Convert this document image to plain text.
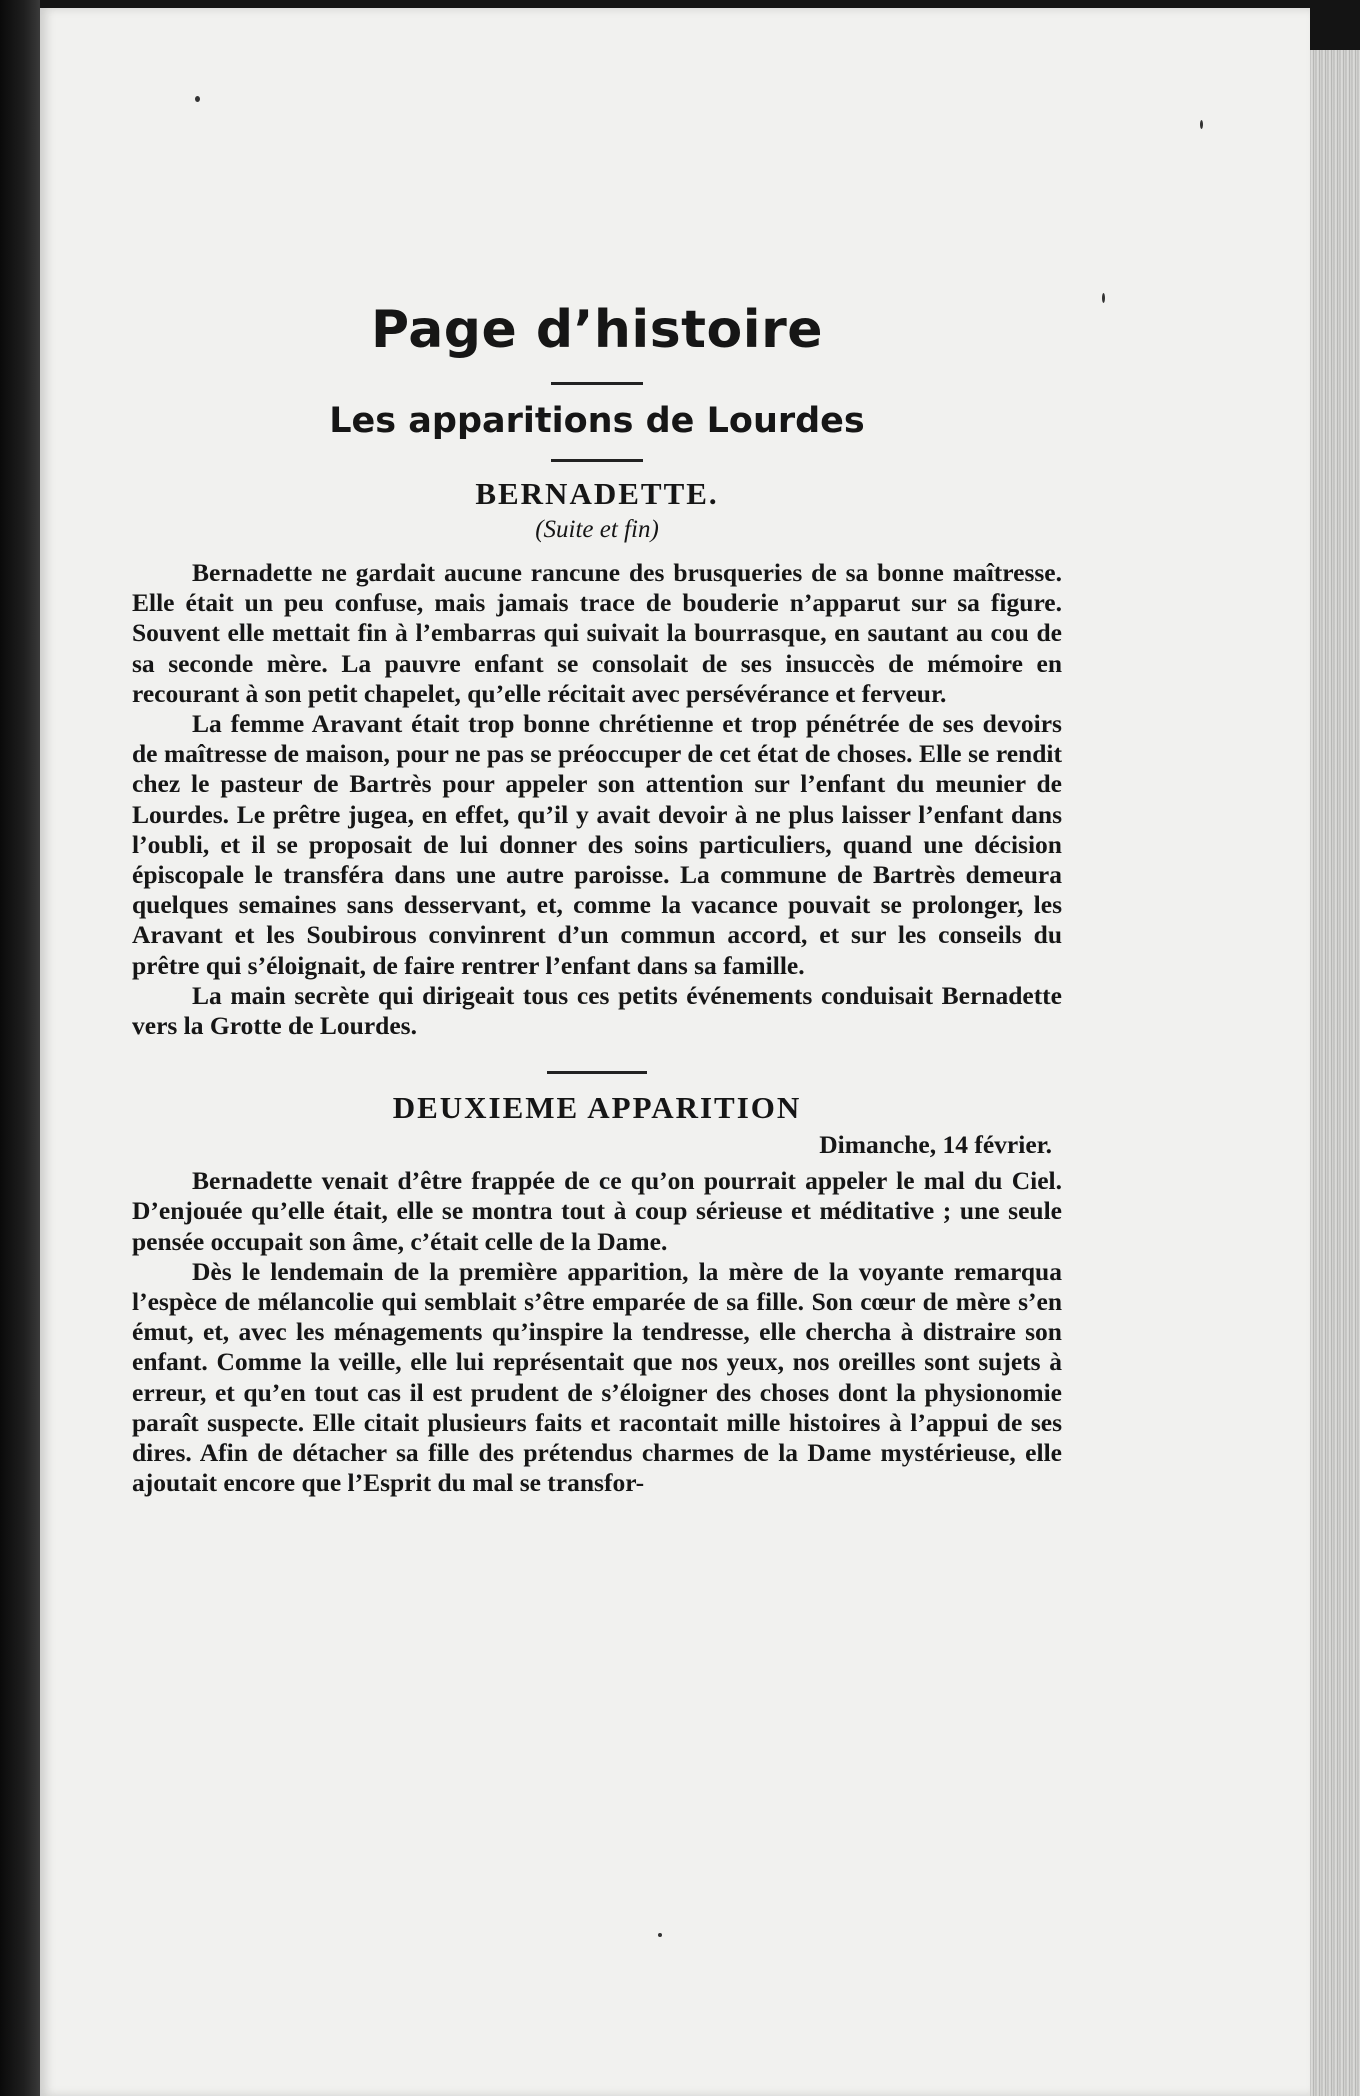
Page d’histoire
Les apparitions de Lourdes
BERNADETTE.

(Suite et fin)

Bernadette ne gardait aucune rancune des brusqueries de sa bonne maîtresse. Elle était un peu confuse, mais jamais trace de bouderie n’apparut sur sa figure. Souvent elle mettait fin à l’embarras qui suivait la bourrasque, en sautant au cou de sa seconde mère. La pauvre enfant se consolait de ses insuccès de mémoire en recourant à son petit chapelet, qu’elle récitait avec persévérance et ferveur.

La femme Aravant était trop bonne chrétienne et trop pénétrée de ses devoirs de maîtresse de maison, pour ne pas se préoccuper de cet état de choses. Elle se rendit chez le pasteur de Bartrès pour appeler son attention sur l’enfant du meunier de Lourdes. Le prêtre jugea, en effet, qu’il y avait devoir à ne plus laisser l’enfant dans l’oubli, et il se proposait de lui donner des soins particuliers, quand une décision épiscopale le transféra dans une autre paroisse. La commune de Bartrès demeura quelques semaines sans desservant, et, comme la vacance pouvait se prolonger, les Aravant et les Soubirous convinrent d’un commun accord, et sur les conseils du prêtre qui s’éloignait, de faire rentrer l’enfant dans sa famille.

La main secrète qui dirigeait tous ces petits événements conduisait Bernadette vers la Grotte de Lourdes.

DEUXIEME APPARITION

Dimanche, 14 février.

Bernadette venait d’être frappée de ce qu’on pourrait appeler le mal du Ciel. D’enjouée qu’elle était, elle se montra tout à coup sérieuse et méditative ; une seule pensée occupait son âme, c’était celle de la Dame.

Dès le lendemain de la première apparition, la mère de la voyante remarqua l’espèce de mélancolie qui semblait s’être emparée de sa fille. Son cœur de mère s’en émut, et, avec les ménagements qu’inspire la tendresse, elle chercha à distraire son enfant. Comme la veille, elle lui représentait que nos yeux, nos oreilles sont sujets à erreur, et qu’en tout cas il est prudent de s’éloigner des choses dont la physionomie paraît suspecte. Elle citait plusieurs faits et racontait mille histoires à l’appui de ses dires. Afin de détacher sa fille des prétendus charmes de la Dame mystérieuse, elle ajoutait encore que l’Esprit du mal se transfor-
